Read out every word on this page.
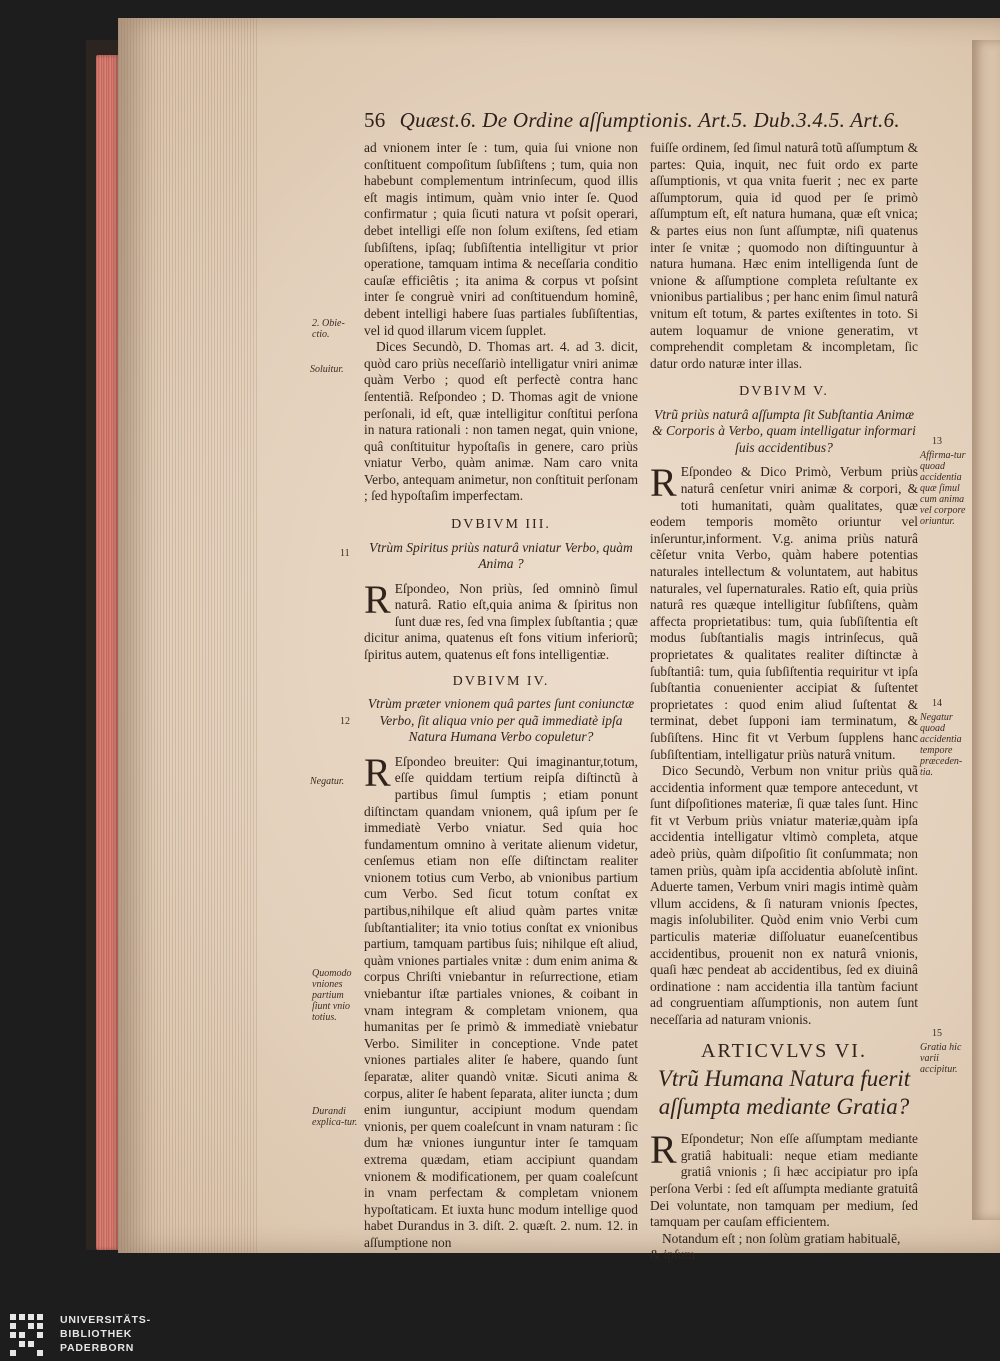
56 Quæst.6. De Ordine aſſumptionis. Art.5. Dub.3.4.5. Art.6.

ad vnionem inter ſe : tum, quia ſui vnione non conſtituent compoſitum ſubſiſtens ; tum, quia non habebunt complementum intrinſecum, quod illis eſt magis intimum, quàm vnio inter ſe. Quod confirmatur ; quia ſicuti natura vt poſsit operari, debet intelligi eſſe non ſolum exiſtens, ſed etiam ſubſiſtens, ipſaq; ſubſiſtentia intelligitur vt prior operatione, tamquam intima & neceſſaria conditio cauſæ efficiêtis ; ita anima & corpus vt poſsint inter ſe congruè vniri ad conſtituendum hominê, debent intelligi habere ſuas partiales ſubſiſtentias, vel id quod illarum vicem ſupplet.

Dices Secundò, D. Thomas art. 4. ad 3. dicit, quòd caro priùs neceſſariò intelligatur vniri animæ quàm Verbo ; quod eſt perfectè contra hanc ſententiã. Reſpondeo ; D. Thomas agit de vnione perſonali, id eſt, quæ intelligitur conſtitui perſona in natura rationali : non tamen negat, quin vnione, quâ conſtituitur hypoſtaſis in genere, caro priùs vniatur Verbo, quàm animæ. Nam caro vnita Verbo, antequam animetur, non conſtituit perſonam ; ſed hypoſtaſim imperfectam.

DVBIVM III.
Vtrùm Spiritus priùs naturâ vniatur Verbo, quàm Anima ?

R Eſpondeo, Non priùs, ſed omninò ſimul naturâ. Ratio eſt,quia anima & ſpiritus non ſunt duæ res, ſed vna ſimplex ſubſtantia ; quæ dicitur anima, quatenus eſt fons vitium inferiorũ; ſpiritus autem, quatenus eſt fons intelligentiæ.

DVBIVM IV.
Vtrùm præter vnionem quâ partes ſunt coniunctæ Verbo, ſit aliqua vnio per quã immediatè ipſa Natura Humana Verbo copuletur?

R Eſpondeo breuiter: Qui imaginantur,totum, eſſe quiddam tertium reipſa diſtinctũ à partibus ſimul ſumptis ; etiam ponunt diſtinctam quandam vnionem, quâ ipſum per ſe immediatè Verbo vniatur. Sed quia hoc fundamentum omnino à veritate alienum videtur, cenſemus etiam non eſſe diſtinctam realiter vnionem totius cum Verbo, ab vnionibus partium cum Verbo. Sed ſicut totum conſtat ex partibus,nihilque eſt aliud quàm partes vnitæ ſubſtantialiter; ita vnio totius conſtat ex vnionibus partium, tamquam partibus ſuis; nihilque eſt aliud, quàm vniones partiales vnitæ : dum enim anima & corpus Chriſti vniebantur in reſurrectione, etiam vniebantur iſtæ partiales vniones, & coibant in vnam integram & completam vnionem, qua humanitas per ſe primò & immediatè vniebatur Verbo. Similiter in conceptione. Vnde patet vniones partiales aliter ſe habere, quando ſunt ſeparatæ, aliter quandò vnitæ. Sicuti anima & corpus, aliter ſe habent ſeparata, aliter iuncta ; dum enim iunguntur, accipiunt modum quendam vnionis, per quem coaleſcunt in vnam naturam : ſic dum hæ vniones iunguntur inter ſe tamquam extrema quædam, etiam accipiunt quandam vnionem & modificationem, per quam coaleſcunt in vnam perfectam & completam vnionem hypoſtaticam. Et iuxta hunc modum intellige quod habet Durandus in 3. diſt. 2. quæſt. 2. num. 12. in aſſumptione non

fuiſſe ordinem, ſed ſimul naturâ totũ aſſumptum & partes: Quia, inquit, nec fuit ordo ex parte aſſumptionis, vt qua vnita fuerit ; nec ex parte aſſumptorum, quia id quod per ſe primò aſſumptum eſt, eſt natura humana, quæ eſt vnica; & partes eius non ſunt aſſumptæ, niſi quatenus inter ſe vnitæ ; quomodo non diſtinguuntur à natura humana. Hæc enim intelligenda ſunt de vnione & aſſumptione completa reſultante ex vnionibus partialibus ; per hanc enim ſimul naturâ vnitum eſt totum, & partes exiſtentes in toto. Si autem loquamur de vnione generatim, vt comprehendit completam & incompletam, ſic datur ordo naturæ inter illas.

DVBIVM V.
Vtrũ priùs naturâ aſſumpta ſit Subſtantia Animæ & Corporis à Verbo, quam intelligatur informari ſuis accidentibus?

R Eſpondeo & Dico Primò, Verbum priùs naturâ cenſetur vniri animæ & corpori, & toti humanitati, quàm qualitates, quæ eodem temporis momẽto oriuntur vel inſeruntur,informent. V.g. anima priùs naturâ cẽſetur vnita Verbo, quàm habere potentias naturales intellectum & voluntatem, aut habitus naturales, vel ſupernaturales. Ratio eſt, quia priùs naturâ res quæque intelligitur ſubſiſtens, quàm affecta proprietatibus: tum, quia ſubſiſtentia eſt modus ſubſtantialis magis intrinſecus, quã proprietates & qualitates realiter diſtinctæ à ſubſtantiâ: tum, quia ſubſiſtentia requiritur vt ipſa ſubſtantia conuenienter accipiat & ſuſtentet proprietates : quod enim aliud ſuſtentat & terminat, debet ſupponi iam terminatum, & ſubſiſtens. Hinc fit vt Verbum ſupplens hanc ſubſiſtentiam, intelligatur priùs naturâ vnitum.

Dico Secundò, Verbum non vnitur priùs quã accidentia informent quæ tempore antecedunt, vt ſunt diſpoſitiones materiæ, ſi quæ tales ſunt. Hinc fit vt Verbum priùs vniatur materiæ,quàm ipſa accidentia intelligatur vltimò completa, atque adeò priùs, quàm diſpoſitio ſit conſummata; non tamen priùs, quàm ipſa accidentia abſolutè inſint. Aduerte tamen, Verbum vniri magis intimè quàm vllum accidens, & ſi naturam vnionis ſpectes, magis inſolubiliter. Quòd enim vnio Verbi cum particulis materiæ diſſoluatur euaneſcentibus accidentibus, prouenit non ex naturâ vnionis, quaſi hæc pendeat ab accidentibus, ſed ex diuinâ ordinatione : nam accidentia illa tantùm faciunt ad congruentiam aſſumptionis, non autem ſunt neceſſaria ad naturam vnionis.

ARTICVLVS VI.
Vtrũ Humana Natura fuerit aſſumpta mediante Gratia?

R Eſpondetur; Non eſſe aſſumptam mediante gratiâ habituali: neque etiam mediante gratiâ vnionis ; ſi hæc accipiatur pro ipſa perſona Verbi : ſed eſt aſſumpta mediante gratuitâ Dei voluntate, non tamquam per medium, ſed tamquam per cauſam efficientem.

Notandum eſt ; non ſolùm gratiam habitualē,

& ipſum

2. Obie-ctio.
Soluitur.
11
12
Negatur.
Quomodo vniones partium ſiunt vnio totius.
Durandi explica-tur.
13
Affirma-tur quoad accidentia quæ ſimul cum anima vel corpore oriuntur.
14
Negatur quoad accidentia tempore præceden-tia.
15
Gratia hic varii accipitur.
UNIVERSITÄTS-
BIBLIOTHEK
PADERBORN
